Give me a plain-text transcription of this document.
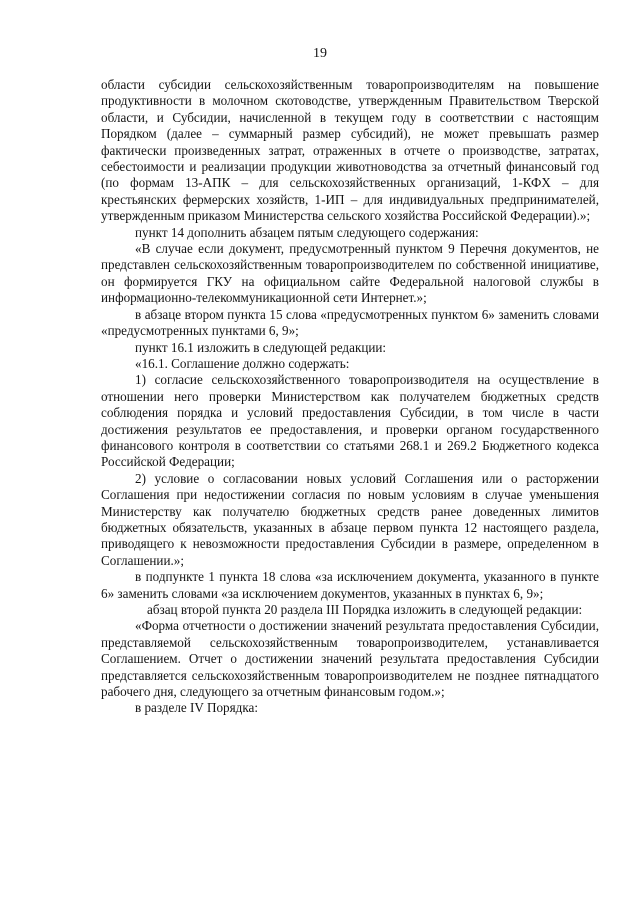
19

области субсидии сельскохозяйственным товаропроизводителям на повышение продуктивности в молочном скотоводстве, утвержденным Правительством Тверской области, и Субсидии, начисленной в текущем году в соответствии с настоящим Порядком (далее – суммарный размер субсидий), не может превышать размер фактически произведенных затрат, отраженных в отчете о производстве, затратах, себестоимости и реализации продукции животноводства за отчетный финансовый год (по формам 13-АПК – для сельскохозяйственных организаций, 1-КФХ – для крестьянских фермерских хозяйств, 1-ИП – для индивидуальных предпринимателей, утвержденным приказом Министерства сельского хозяйства Российской Федерации).»;

пункт 14 дополнить абзацем пятым следующего содержания:

«В случае если документ, предусмотренный пунктом 9 Перечня документов, не представлен сельскохозяйственным товаропроизводителем по собственной инициативе, он формируется ГКУ на официальном сайте Федеральной налоговой службы в информационно-телекоммуникационной сети Интернет.»;

в абзаце втором пункта 15 слова «предусмотренных пунктом 6» заменить словами «предусмотренных пунктами 6, 9»;

пункт 16.1 изложить в следующей редакции:

«16.1. Соглашение должно содержать:

1) согласие сельскохозяйственного товаропроизводителя на осуществление в отношении него проверки Министерством как получателем бюджетных средств соблюдения порядка и условий предоставления Субсидии, в том числе в части достижения результатов ее предоставления, и проверки органом государственного финансового контроля в соответствии со статьями 268.1 и 269.2 Бюджетного кодекса Российской Федерации;

2) условие о согласовании новых условий Соглашения или о расторжении Соглашения при недостижении согласия по новым условиям в случае уменьшения Министерству как получателю бюджетных средств ранее доведенных лимитов бюджетных обязательств, указанных в абзаце первом пункта 12 настоящего раздела, приводящего к невозможности предоставления Субсидии в размере, определенном в Соглашении.»;

в подпункте 1 пункта 18 слова «за исключением документа, указанного в пункте 6» заменить словами «за исключением документов, указанных в пунктах 6, 9»;

абзац второй пункта 20 раздела III Порядка изложить в следующей редакции:

«Форма отчетности о достижении значений результата предоставления Субсидии, представляемой сельскохозяйственным товаропроизводителем, устанавливается Соглашением. Отчет о достижении значений результата предоставления Субсидии представляется сельскохозяйственным товаропроизводителем не позднее пятнадцатого рабочего дня, следующего за отчетным финансовым годом.»;

в разделе IV Порядка:
